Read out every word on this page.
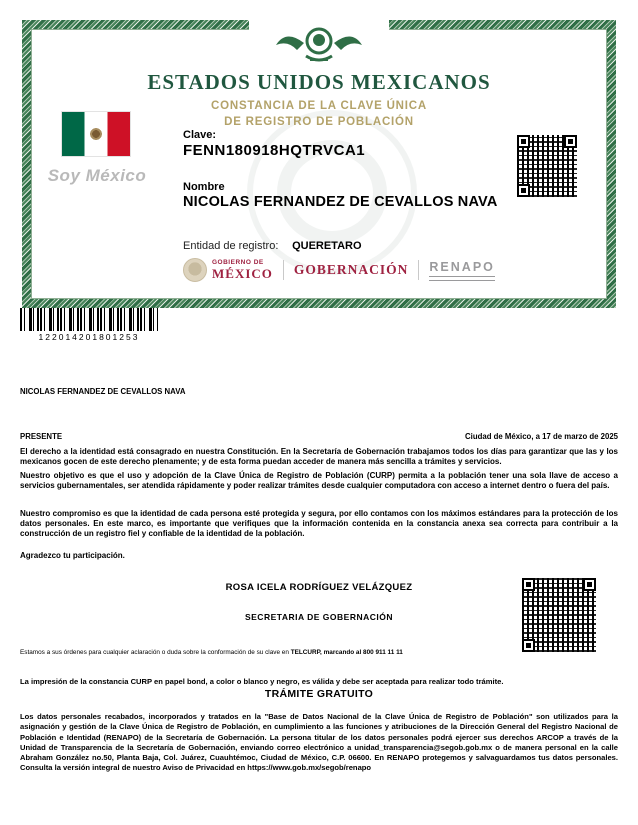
ESTADOS UNIDOS MEXICANOS
CONSTANCIA DE LA CLAVE ÚNICA
DE REGISTRO DE POBLACIÓN
Soy México
Clave:
FENN180918HQTRVCA1
Nombre
NICOLAS FERNANDEZ DE CEVALLOS NAVA
Entidad de registro: QUERETARO
GOBIERNO DE
MÉXICO GOBERNACIÓN RENAPO
122014201801253
NICOLAS FERNANDEZ DE CEVALLOS NAVA
PRESENTE	Ciudad de México, a 17 de marzo de 2025
El derecho a la identidad está consagrado en nuestra Constitución. En la Secretaría de Gobernación trabajamos todos los días para garantizar que las y los mexicanos gocen de este derecho plenamente; y de esta forma puedan acceder de manera más sencilla a trámites y servicios.
Nuestro objetivo es que el uso y adopción de la Clave Única de Registro de Población (CURP) permita a la población tener una sola llave de acceso a servicios gubernamentales, ser atendida rápidamente y poder realizar trámites desde cualquier computadora con acceso a internet dentro o fuera del país.
Nuestro compromiso es que la identidad de cada persona esté protegida y segura, por ello contamos con los máximos estándares para la protección de los datos personales. En este marco, es importante que verifiques que la información contenida en la constancia anexa sea correcta para contribuir a la construcción de un registro fiel y confiable de la identidad de la población.
Agradezco tu participación.
ROSA ICELA RODRÍGUEZ VELÁZQUEZ
SECRETARIA DE GOBERNACIÓN
Estamos a sus órdenes para cualquier aclaración o duda sobre la conformación de su clave en TELCURP, marcando al 800 911 11 11
La impresión de la constancia CURP en papel bond, a color o blanco y negro, es válida y debe ser aceptada para realizar todo trámite.
TRÁMITE GRATUITO
Los datos personales recabados, incorporados y tratados en la "Base de Datos Nacional de la Clave Única de Registro de Población" son utilizados para la asignación y gestión de la Clave Única de Registro de Población, en cumplimiento a las funciones y atribuciones de la Dirección General del Registro Nacional de Población e Identidad (RENAPO) de la Secretaría de Gobernación. La persona titular de los datos personales podrá ejercer sus derechos ARCOP a través de la Unidad de Transparencia de la Secretaría de Gobernación, enviando correo electrónico a unidad_transparencia@segob.gob.mx o de manera personal en la calle Abraham González no.50, Planta Baja, Col. Juárez, Cuauhtémoc, Ciudad de México, C.P. 06600. En RENAPO protegemos y salvaguardamos tus datos personales. Consulta la versión integral de nuestro Aviso de Privacidad en https://www.gob.mx/segob/renapo
